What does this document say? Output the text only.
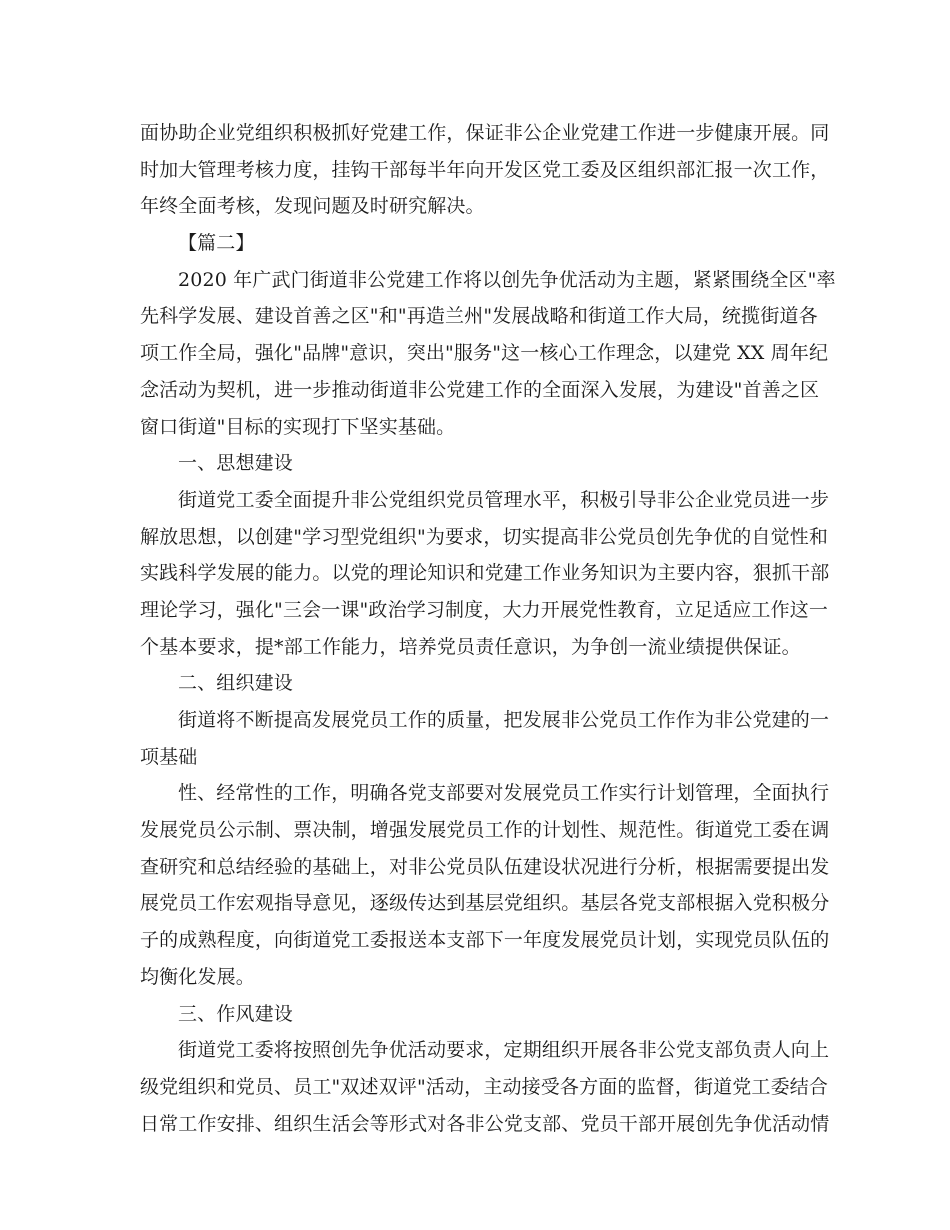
面协助企业党组织积极抓好党建工作，保证非公企业党建工作进一步健康开展。同
时加大管理考核力度，挂钩干部每半年向开发区党工委及区组织部汇报一次工作，
年终全面考核，发现问题及时研究解决。
【篇二】
2020 年广武门街道非公党建工作将以创先争优活动为主题，紧紧围绕全区"率
先科学发展、建设首善之区"和"再造兰州"发展战略和街道工作大局，统揽街道各
项工作全局，强化"品牌"意识，突出"服务"这一核心工作理念，以建党 XX 周年纪
念活动为契机，进一步推动街道非公党建工作的全面深入发展，为建设"首善之区
窗口街道"目标的实现打下坚实基础。
一、思想建设
街道党工委全面提升非公党组织党员管理水平，积极引导非公企业党员进一步
解放思想，以创建"学习型党组织"为要求，切实提高非公党员创先争优的自觉性和
实践科学发展的能力。以党的理论知识和党建工作业务知识为主要内容，狠抓干部
理论学习，强化"三会一课"政治学习制度，大力开展党性教育，立足适应工作这一
个基本要求，提*部工作能力，培养党员责任意识，为争创一流业绩提供保证。
二、组织建设
街道将不断提高发展党员工作的质量，把发展非公党员工作作为非公党建的一
项基础
性、经常性的工作，明确各党支部要对发展党员工作实行计划管理，全面执行
发展党员公示制、票决制，增强发展党员工作的计划性、规范性。街道党工委在调
查研究和总结经验的基础上，对非公党员队伍建设状况进行分析，根据需要提出发
展党员工作宏观指导意见，逐级传达到基层党组织。基层各党支部根据入党积极分
子的成熟程度，向街道党工委报送本支部下一年度发展党员计划，实现党员队伍的
均衡化发展。
三、作风建设
街道党工委将按照创先争优活动要求，定期组织开展各非公党支部负责人向上
级党组织和党员、员工"双述双评"活动，主动接受各方面的监督，街道党工委结合
日常工作安排、组织生活会等形式对各非公党支部、党员干部开展创先争优活动情
